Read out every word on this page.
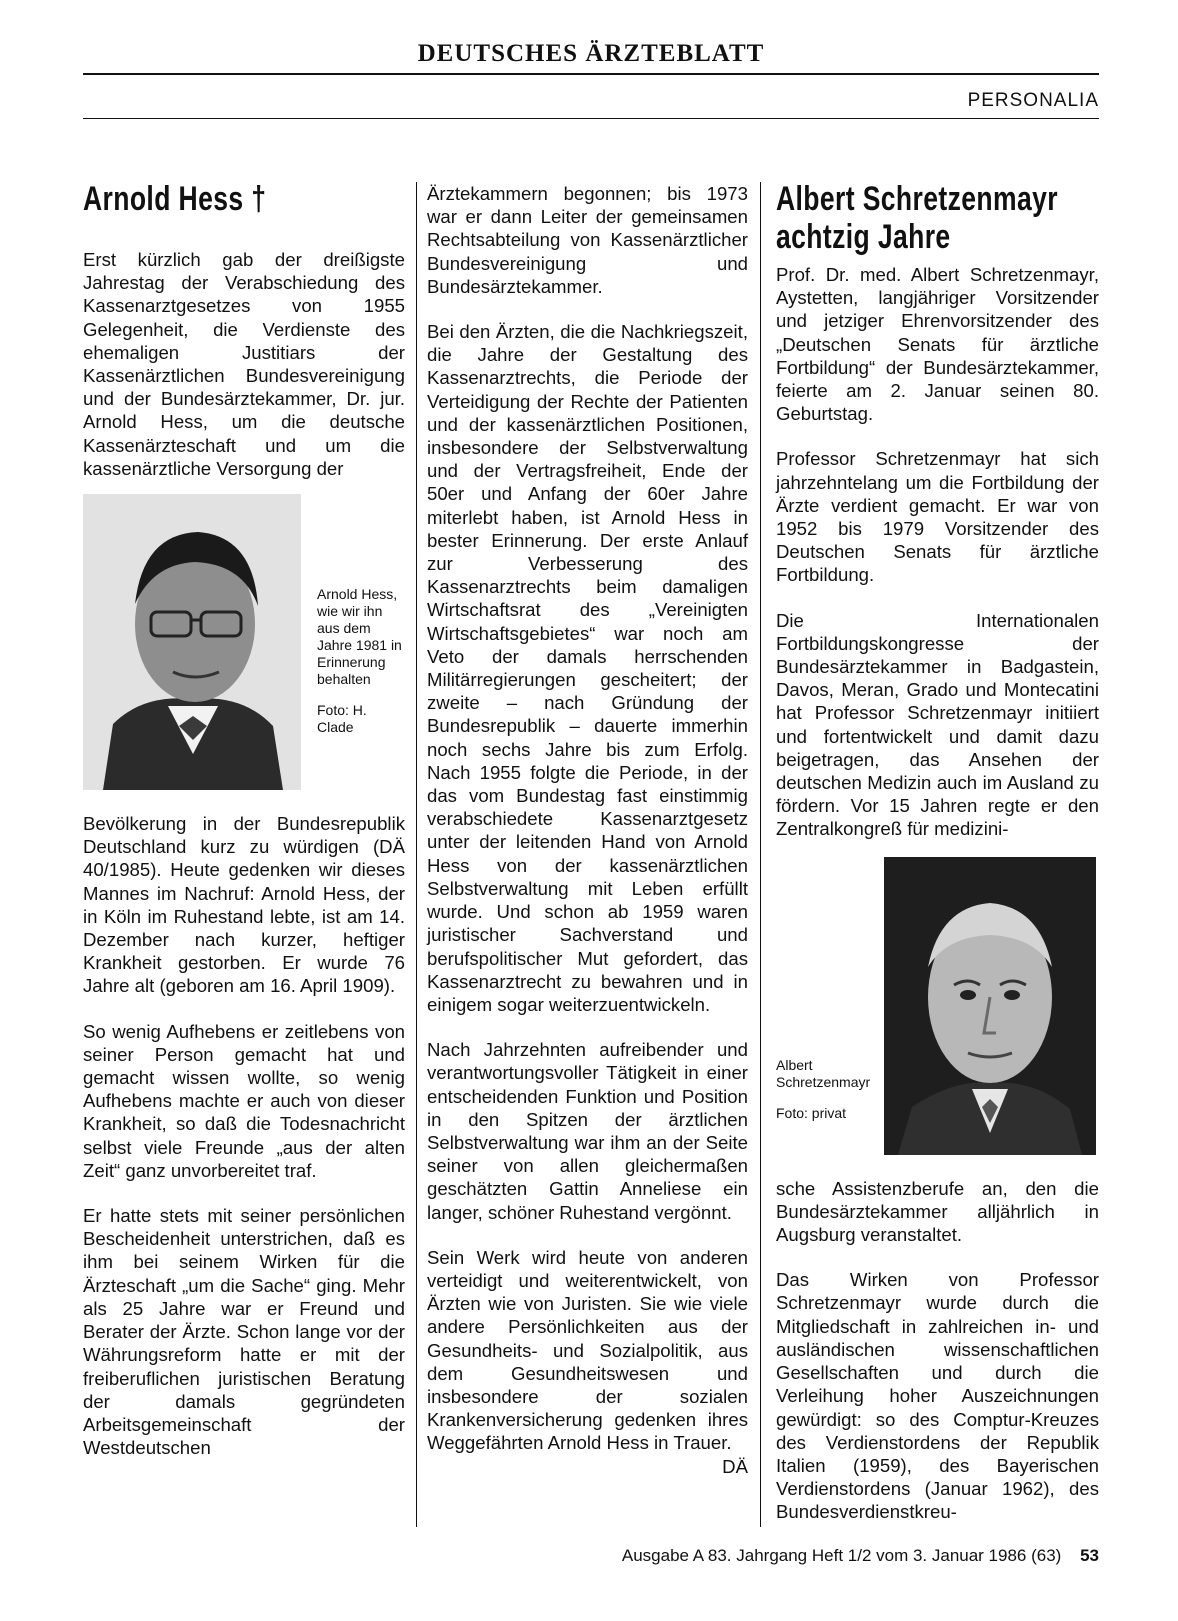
DEUTSCHES ÄRZTEBLATT
PERSONALIA
Arnold Hess †

Erst kürzlich gab der dreißigste Jahrestag der Verabschiedung des Kassenarztgesetzes von 1955 Gelegenheit, die Verdienste des ehemaligen Justitiars der Kassenärztlichen Bundesvereinigung und der Bundesärztekammer, Dr. jur. Arnold Hess, um die deutsche Kassenärzteschaft und um die kassenärztliche Versorgung der

Arnold Hess, wie wir ihn aus dem Jahre 1981 in Erinnerung behalten
Foto: H. Clade

Bevölkerung in der Bundesrepublik Deutschland kurz zu würdigen (DÄ 40/1985). Heute gedenken wir dieses Mannes im Nachruf: Arnold Hess, der in Köln im Ruhestand lebte, ist am 14. Dezember nach kurzer, heftiger Krankheit gestorben. Er wurde 76 Jahre alt (geboren am 16. April 1909).

So wenig Aufhebens er zeitlebens von seiner Person gemacht hat und gemacht wissen wollte, so wenig Aufhebens machte er auch von dieser Krankheit, so daß die Todesnachricht selbst viele Freunde „aus der alten Zeit“ ganz unvorbereitet traf.

Er hatte stets mit seiner persönlichen Bescheidenheit unterstrichen, daß es ihm bei seinem Wirken für die Ärzteschaft „um die Sache“ ging. Mehr als 25 Jahre war er Freund und Berater der Ärzte. Schon lange vor der Währungsreform hatte er mit der freiberuflichen juristischen Beratung der damals gegründeten Arbeitsgemeinschaft der Westdeutschen

Ärztekammern begonnen; bis 1973 war er dann Leiter der gemeinsamen Rechtsabteilung von Kassenärztlicher Bundesvereinigung und Bundesärztekammer.

Bei den Ärzten, die die Nachkriegszeit, die Jahre der Gestaltung des Kassenarztrechts, die Periode der Verteidigung der Rechte der Patienten und der kassenärztlichen Positionen, insbesondere der Selbstverwaltung und der Vertragsfreiheit, Ende der 50er und Anfang der 60er Jahre miterlebt haben, ist Arnold Hess in bester Erinnerung. Der erste Anlauf zur Verbesserung des Kassenarztrechts beim damaligen Wirtschaftsrat des „Vereinigten Wirtschaftsgebietes“ war noch am Veto der damals herrschenden Militärregierungen gescheitert; der zweite – nach Gründung der Bundesrepublik – dauerte immerhin noch sechs Jahre bis zum Erfolg. Nach 1955 folgte die Periode, in der das vom Bundestag fast einstimmig verabschiedete Kassenarztgesetz unter der leitenden Hand von Arnold Hess von der kassenärztlichen Selbstverwaltung mit Leben erfüllt wurde. Und schon ab 1959 waren juristischer Sachverstand und berufspolitischer Mut gefordert, das Kassenarztrecht zu bewahren und in einigem sogar weiterzuentwickeln.

Nach Jahrzehnten aufreibender und verantwortungsvoller Tätigkeit in einer entscheidenden Funktion und Position in den Spitzen der ärztlichen Selbstverwaltung war ihm an der Seite seiner von allen gleichermaßen geschätzten Gattin Anneliese ein langer, schöner Ruhestand vergönnt.

Sein Werk wird heute von anderen verteidigt und weiterentwickelt, von Ärzten wie von Juristen. Sie wie viele andere Persönlichkeiten aus der Gesundheits- und Sozialpolitik, aus dem Gesundheitswesen und insbesondere der sozialen Krankenversicherung gedenken ihres Weggefährten Arnold Hess in Trauer.
DÄ

Albert Schretzenmayr
achtzig Jahre

Prof. Dr. med. Albert Schretzenmayr, Aystetten, langjähriger Vorsitzender und jetziger Ehrenvorsitzender des „Deutschen Senats für ärztliche Fortbildung“ der Bundesärztekammer, feierte am 2. Januar seinen 80. Geburtstag.

Professor Schretzenmayr hat sich jahrzehntelang um die Fortbildung der Ärzte verdient gemacht. Er war von 1952 bis 1979 Vorsitzender des Deutschen Senats für ärztliche Fortbildung.

Die Internationalen Fortbildungskongresse der Bundesärztekammer in Badgastein, Davos, Meran, Grado und Montecatini hat Professor Schretzenmayr initiiert und fortentwickelt und damit dazu beigetragen, das Ansehen der deutschen Medizin auch im Ausland zu fördern. Vor 15 Jahren regte er den Zentralkongreß für medizini-

Albert Schretzenmayr
Foto: privat

sche Assistenzberufe an, den die Bundesärztekammer alljährlich in Augsburg veranstaltet.

Das Wirken von Professor Schretzenmayr wurde durch die Mitgliedschaft in zahlreichen in- und ausländischen wissenschaftlichen Gesellschaften und durch die Verleihung hoher Auszeichnungen gewürdigt: so des Comptur-Kreuzes des Verdienstordens der Republik Italien (1959), des Bayerischen Verdienstordens (Januar 1962), des Bundesverdienstkreu-

Ausgabe A 83. Jahrgang Heft 1/2 vom 3. Januar 1986 (63) 53
